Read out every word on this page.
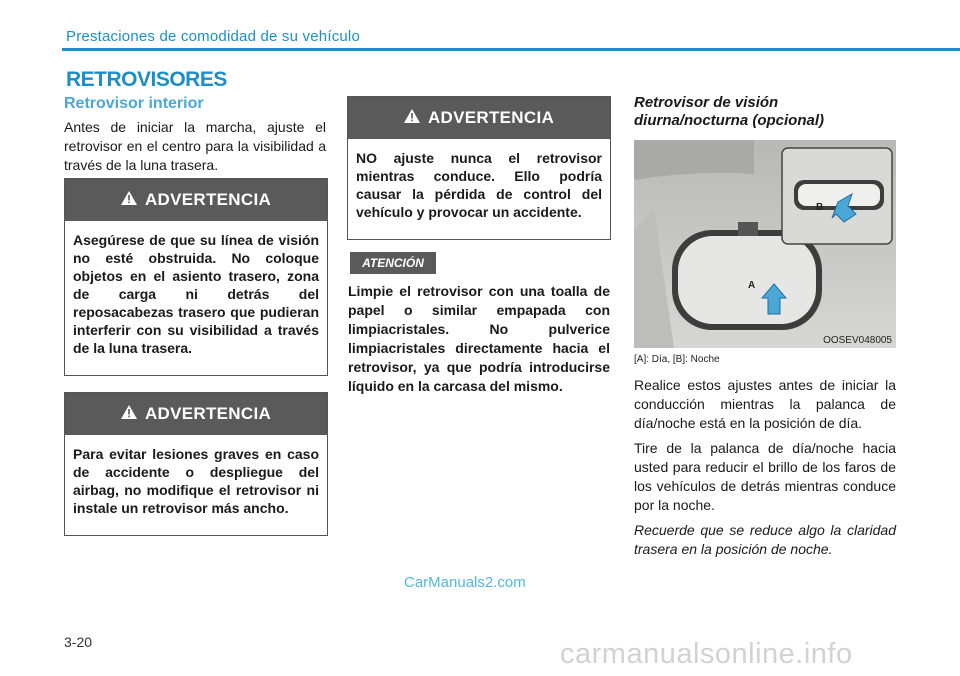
Prestaciones de comodidad de su vehículo
RETROVISORES
Retrovisor interior
Antes de iniciar la marcha, ajuste el retrovisor en el centro para la visibilidad a través de la luna trasera.
ADVERTENCIA
Asegúrese de que su línea de visión no esté obstruida. No coloque objetos en el asiento trasero, zona de carga ni detrás del reposacabezas trasero que pudieran interferir con su visibilidad a través de la luna trasera.
ADVERTENCIA
Para evitar lesiones graves en caso de accidente o despliegue del airbag, no modifique el retrovisor ni instale un retrovisor más ancho.
ADVERTENCIA
NO ajuste nunca el retrovisor mientras conduce. Ello podría causar la pérdida de control del vehículo y provocar un accidente.
ATENCIÓN
Limpie el retrovisor con una toalla de papel o similar empapada con limpiacristales. No pulverice limpiacristales directamente hacia el retrovisor, ya que podría introducirse líquido en la carcasa del mismo.
Retrovisor de visión diurna/nocturna (opcional)
A
B
OOSEV048005
[A]: Día, [B]: Noche

Realice estos ajustes antes de iniciar la conducción mientras la palanca de día/noche está en la posición de día.

Tire de la palanca de día/noche hacia usted para reducir el brillo de los faros de los vehículos de detrás mientras conduce por la noche.

Recuerde que se reduce algo la claridad trasera en la posición de noche.

CarManuals2.com
3-20	carmanualsonline.info
